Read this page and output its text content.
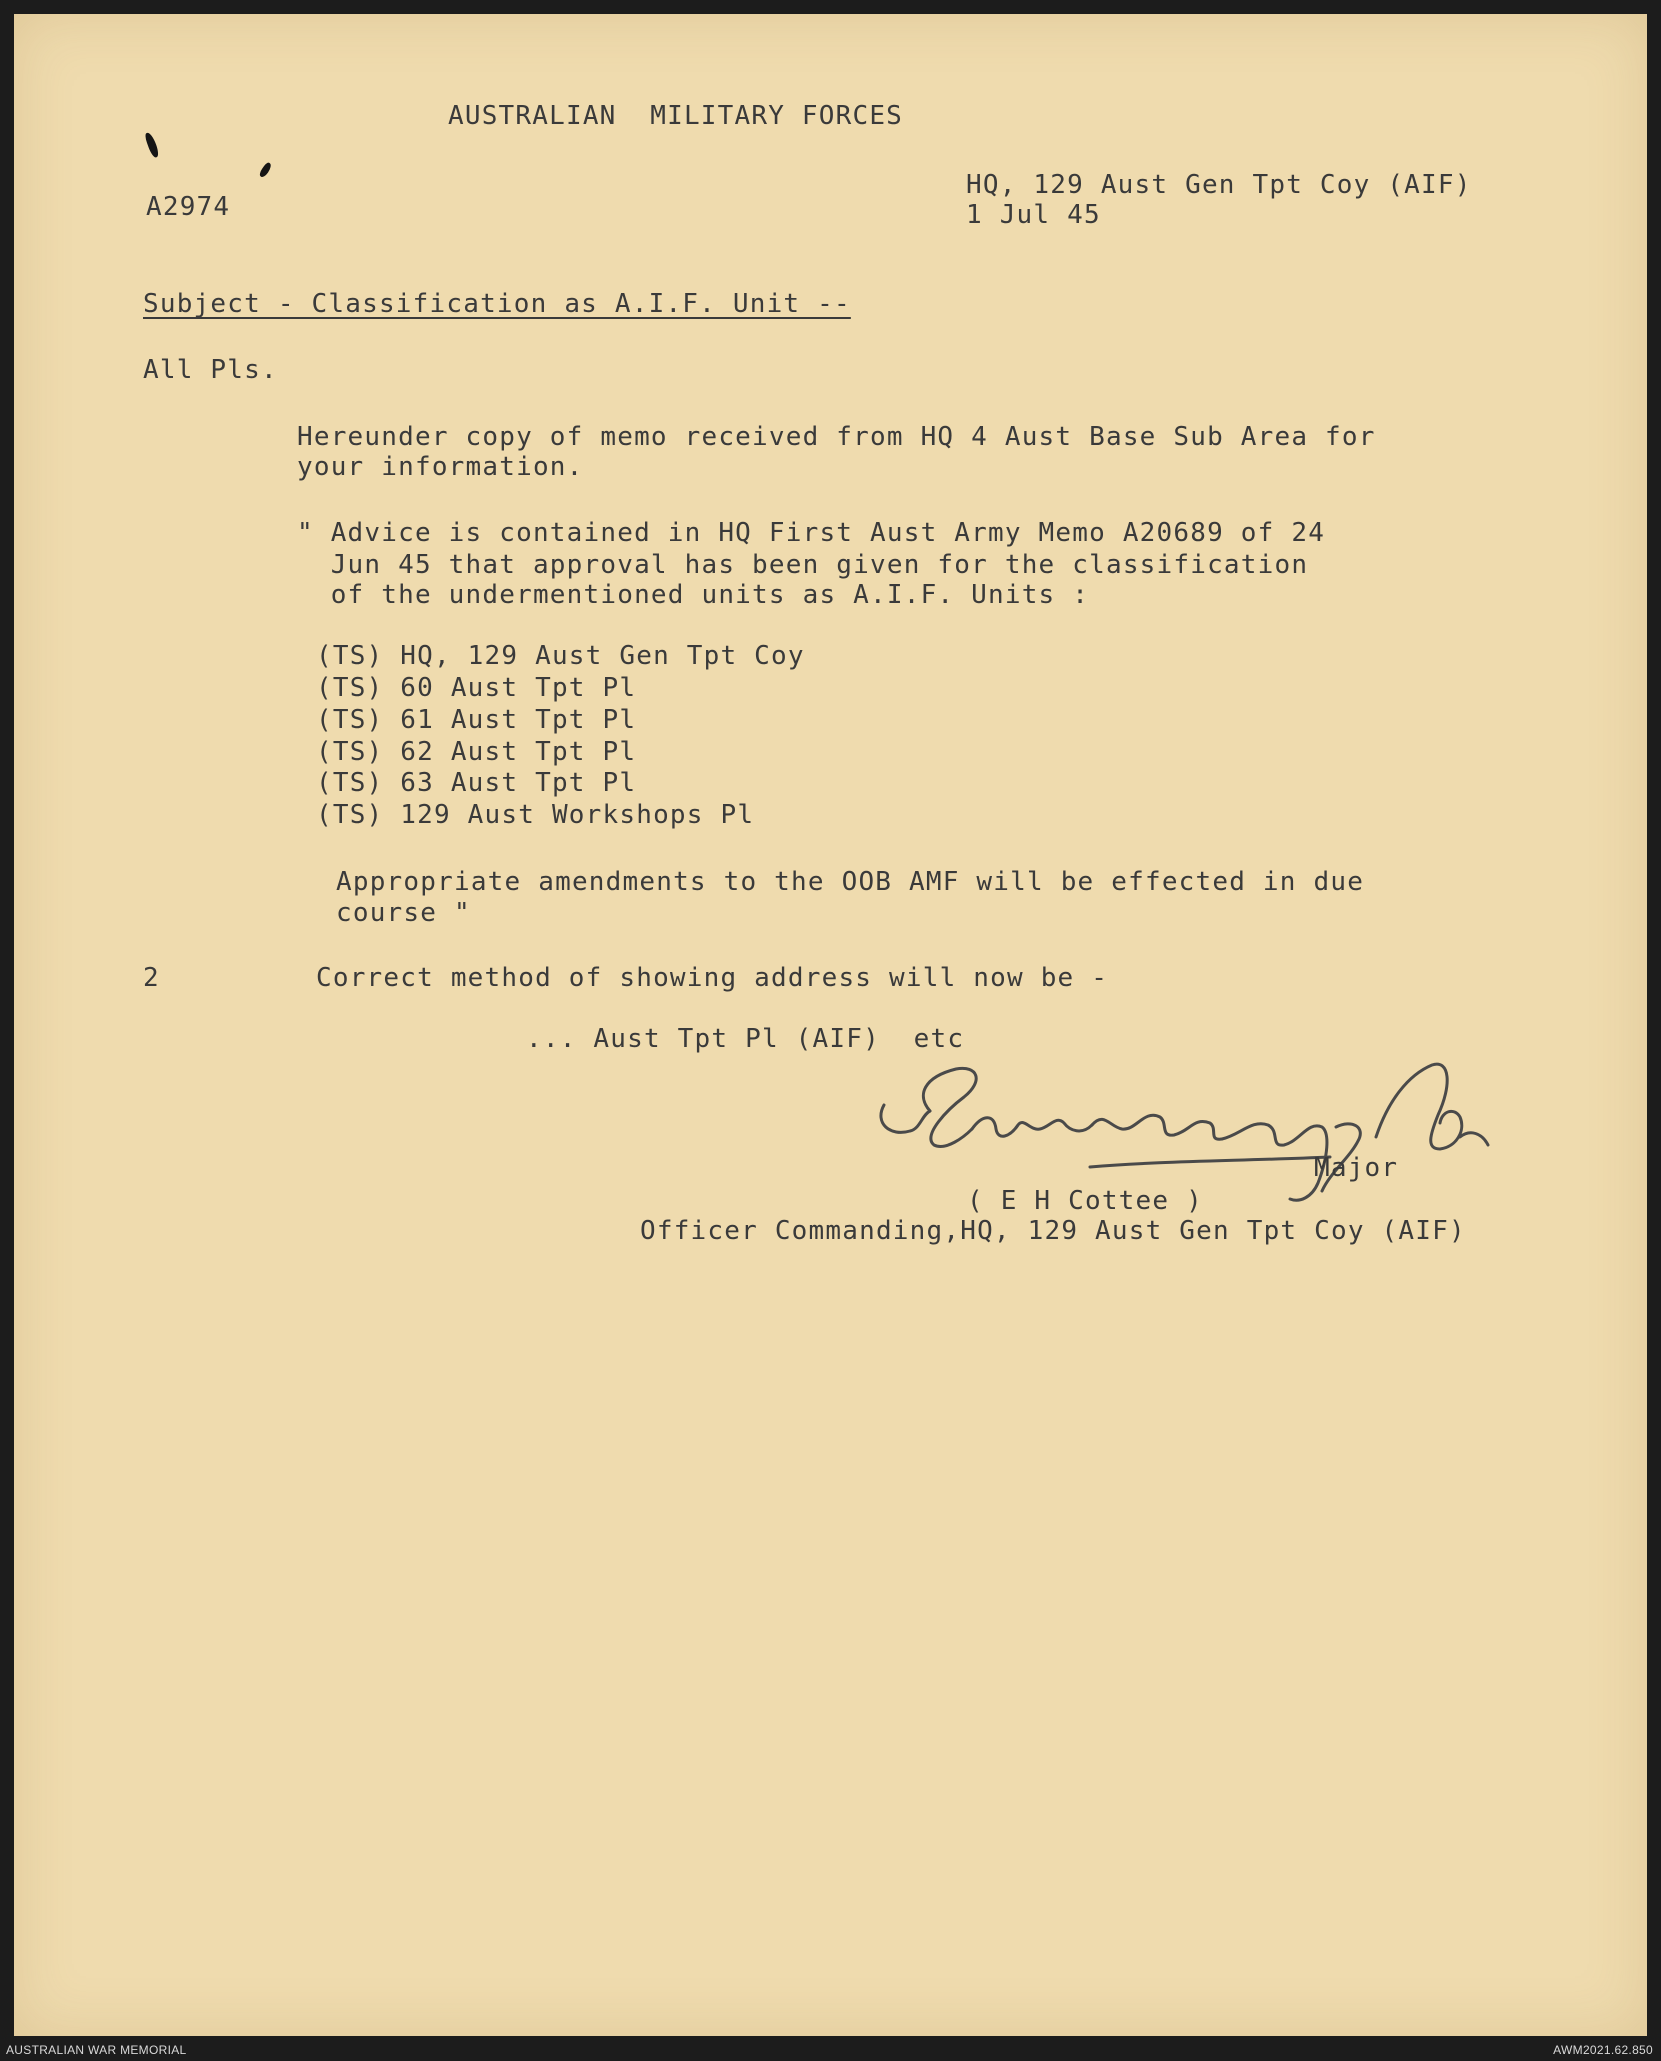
AUSTRALIAN  MILITARY FORCES
A2974
HQ, 129 Aust Gen Tpt Coy (AIF)
1 Jul 45
Subject - Classification as A.I.F. Unit --
All Pls.
Hereunder copy of memo received from HQ 4 Aust Base Sub Area for
your information.
" Advice is contained in HQ First Aust Army Memo A20689 of 24
Jun 45 that approval has been given for the classification
of the undermentioned units as A.I.F. Units :
(TS) HQ, 129 Aust Gen Tpt Coy
(TS) 60 Aust Tpt Pl
(TS) 61 Aust Tpt Pl
(TS) 62 Aust Tpt Pl
(TS) 63 Aust Tpt Pl
(TS) 129 Aust Workshops Pl
Appropriate amendments to the OOB AMF will be effected in due
course "
2	Correct method of showing address will now be -
... Aust Tpt Pl (AIF)  etc
Major
( E H Cottee )
Officer Commanding,HQ, 129 Aust Gen Tpt Coy (AIF)
AUSTRALIAN WAR MEMORIAL	AWM2021.62.850
